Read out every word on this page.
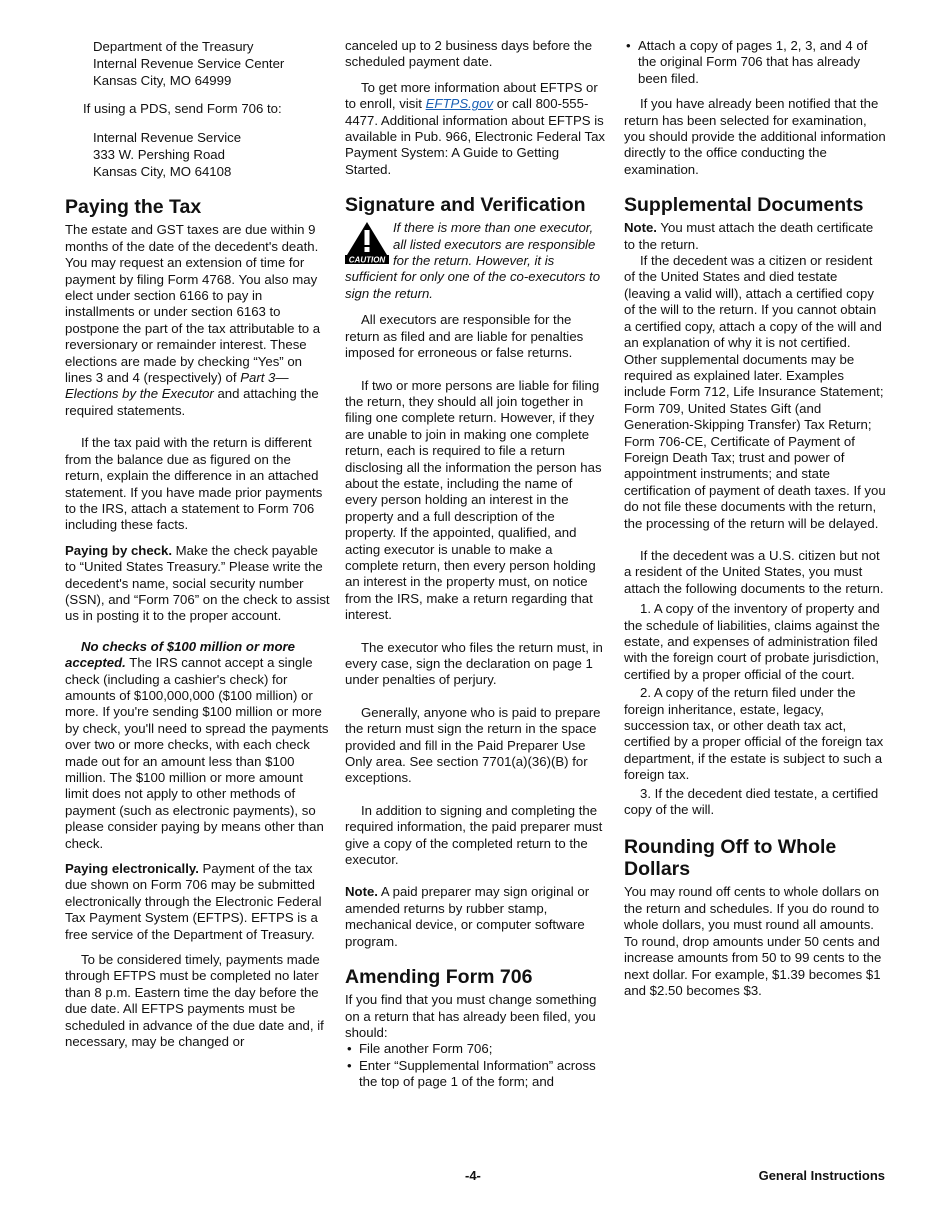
Department of the Treasury
Internal Revenue Service Center
Kansas City, MO 64999

If using a PDS, send Form 706 to:

Internal Revenue Service
333 W. Pershing Road
Kansas City, MO 64108
Paying the Tax

The estate and GST taxes are due within 9 months of the date of the decedent's death. You may request an extension of time for payment by filing Form 4768. You also may elect under section 6166 to pay in installments or under section 6163 to postpone the part of the tax attributable to a reversionary or remainder interest. These elections are made by checking “Yes” on lines 3 and 4 (respectively) of Part 3—Elections by the Executor and attaching the required statements.

If the tax paid with the return is different from the balance due as figured on the return, explain the difference in an attached statement. If you have made prior payments to the IRS, attach a statement to Form 706 including these facts.

Paying by check. Make the check payable to “United States Treasury.” Please write the decedent's name, social security number (SSN), and “Form 706” on the check to assist us in posting it to the proper account.

No checks of $100 million or more accepted. The IRS cannot accept a single check (including a cashier's check) for amounts of $100,000,000 ($100 million) or more. If you're sending $100 million or more by check, you'll need to spread the payments over two or more checks, with each check made out for an amount less than $100 million. The $100 million or more amount limit does not apply to other methods of payment (such as electronic payments), so please consider paying by means other than check.

Paying electronically. Payment of the tax due shown on Form 706 may be submitted electronically through the Electronic Federal Tax Payment System (EFTPS). EFTPS is a free service of the Department of Treasury.

To be considered timely, payments made through EFTPS must be completed no later than 8 p.m. Eastern time the day before the due date. All EFTPS payments must be scheduled in advance of the due date and, if necessary, may be changed or

canceled up to 2 business days before the scheduled payment date.

To get more information about EFTPS or to enroll, visit EFTPS.gov or call 800-555-4477. Additional information about EFTPS is available in Pub. 966, Electronic Federal Tax Payment System: A Guide to Getting Started.

Signature and Verification
CAUTION
If there is more than one executor, all listed executors are responsible for the return. However, it is sufficient for only one of the co-executors to sign the return.

All executors are responsible for the return as filed and are liable for penalties imposed for erroneous or false returns.

If two or more persons are liable for filing the return, they should all join together in filing one complete return. However, if they are unable to join in making one complete return, each is required to file a return disclosing all the information the person has about the estate, including the name of every person holding an interest in the property and a full description of the property. If the appointed, qualified, and acting executor is unable to make a complete return, then every person holding an interest in the property must, on notice from the IRS, make a return regarding that interest.

The executor who files the return must, in every case, sign the declaration on page 1 under penalties of perjury.

Generally, anyone who is paid to prepare the return must sign the return in the space provided and fill in the Paid Preparer Use Only area. See section 7701(a)(36)(B) for exceptions.

In addition to signing and completing the required information, the paid preparer must give a copy of the completed return to the executor.

Note. A paid preparer may sign original or amended returns by rubber stamp, mechanical device, or computer software program.

Amending Form 706

If you find that you must change something on a return that has already been filed, you should:

•  File another Form 706;

•  Enter “Supplemental Information” across the top of page 1 of the form; and

•  Attach a copy of pages 1, 2, 3, and 4 of the original Form 706 that has already been filed.

If you have already been notified that the return has been selected for examination, you should provide the additional information directly to the office conducting the examination.

Supplemental Documents

Note. You must attach the death certificate to the return.

If the decedent was a citizen or resident of the United States and died testate (leaving a valid will), attach a certified copy of the will to the return. If you cannot obtain a certified copy, attach a copy of the will and an explanation of why it is not certified. Other supplemental documents may be required as explained later. Examples include Form 712, Life Insurance Statement; Form 709, United States Gift (and Generation-Skipping Transfer) Tax Return; Form 706-CE, Certificate of Payment of Foreign Death Tax; trust and power of appointment instruments; and state certification of payment of death taxes. If you do not file these documents with the return, the processing of the return will be delayed.

If the decedent was a U.S. citizen but not a resident of the United States, you must attach the following documents to the return.

1. A copy of the inventory of property and the schedule of liabilities, claims against the estate, and expenses of administration filed with the foreign court of probate jurisdiction, certified by a proper official of the court.

2. A copy of the return filed under the foreign inheritance, estate, legacy, succession tax, or other death tax act, certified by a proper official of the foreign tax department, if the estate is subject to such a foreign tax.

3. If the decedent died testate, a certified copy of the will.

Rounding Off to Whole Dollars

You may round off cents to whole dollars on the return and schedules. If you do round to whole dollars, you must round all amounts. To round, drop amounts under 50 cents and increase amounts from 50 to 99 cents to the next dollar. For example, $1.39 becomes $1 and $2.50 becomes $3.

-4-	General Instructions
